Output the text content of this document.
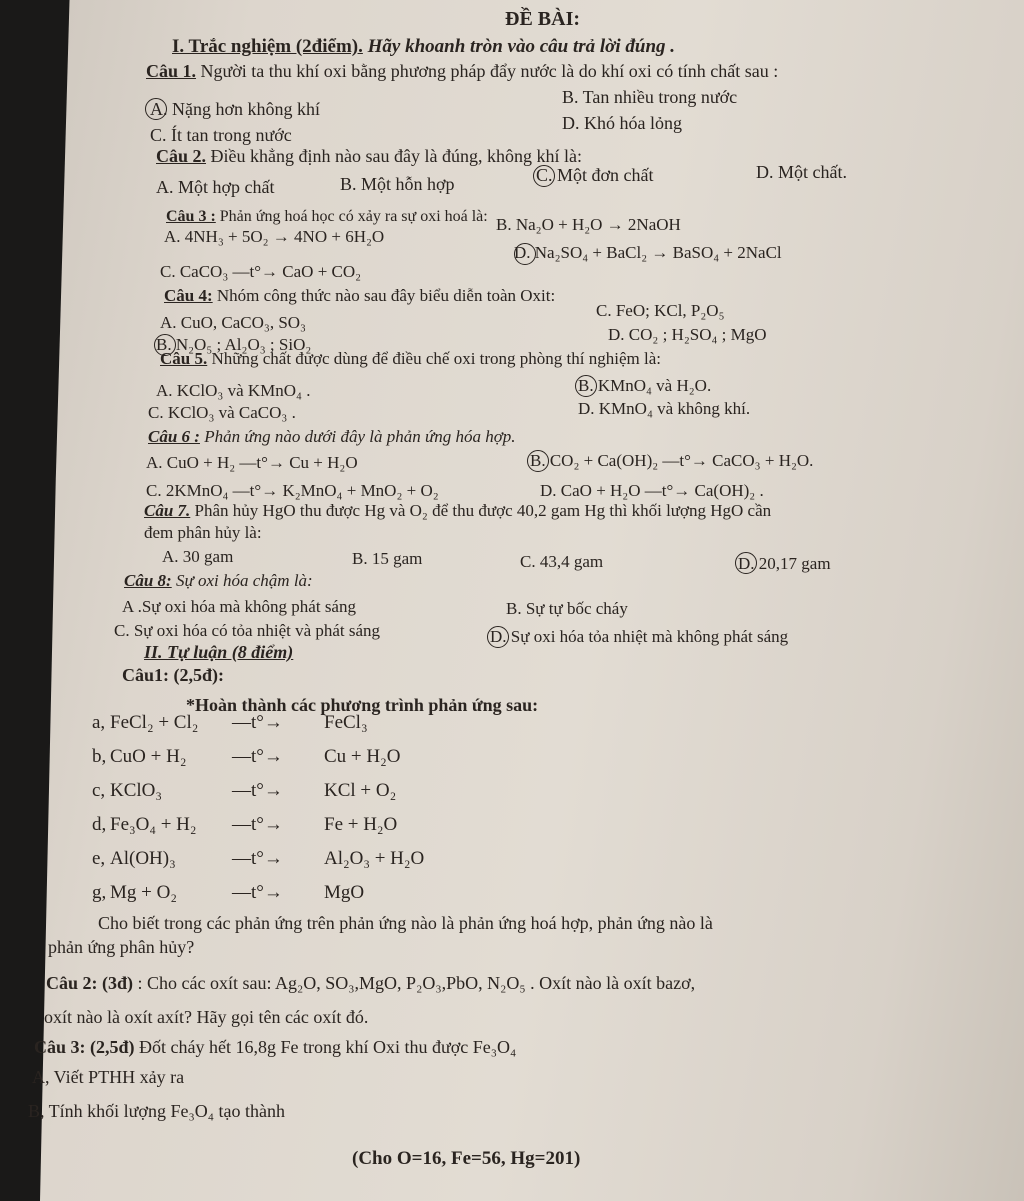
ĐỀ BÀI:
I. Trắc nghiệm (2điểm). Hãy khoanh tròn vào câu trả lời đúng .
Câu 1. Người ta thu khí oxi bằng phương pháp đẩy nước là do khí oxi có tính chất sau :
A. Nặng hơn không khí
B. Tan nhiều trong nước
C. Ít tan trong nước
D. Khó hóa lỏng
Câu 2. Điều khẳng định nào sau đây là đúng, không khí là:
A. Một hợp chất	B. Một hỗn hợp	C. Một đơn chất	D. Một chất.
Câu 3 : Phản ứng hoá học có xảy ra sự oxi hoá là:
A. 4NH₃ + 5O₂ → 4NO + 6H₂O
B. Na₂O + H₂O → 2NaOH
C. CaCO₃ —t°→ CaO + CO₂
D. Na₂SO₄ + BaCl₂ → BaSO₄ + 2NaCl
Câu 4: Nhóm công thức nào sau đây biểu diễn toàn Oxit:
A. CuO, CaCO₃, SO₃
B. N₂O₅ ; Al₂O₃ ; SiO₂
C. FeO; KCl, P₂O₅
D. CO₂ ; H₂SO₄ ; MgO
Câu 5. Những chất được dùng để điều chế oxi trong phòng thí nghiệm là:
A. KClO₃ và KMnO₄ .	B. KMnO₄ và H₂O.
C. KClO₃ và CaCO₃ .	D. KMnO₄ và không khí.
Câu 6 : Phản ứng nào dưới đây là phản ứng hóa hợp.
A. CuO + H₂ —t°→ Cu + H₂O	B. CO₂ + Ca(OH)₂ —t°→ CaCO₃ + H₂O.
C. 2KMnO₄ —t°→ K₂MnO₄ + MnO₂ + O₂	D. CaO + H₂O —t°→ Ca(OH)₂ .
Câu 7. Phân hủy HgO thu được Hg và O₂ để thu được 40,2 gam Hg thì khối lượng HgO cần
đem phân hủy là:
A. 30 gam	B. 15 gam	C. 43,4 gam	D. 20,17 gam
Câu 8: Sự oxi hóa chậm là:
A .Sự oxi hóa mà không phát sáng	B. Sự tự bốc cháy
C. Sự oxi hóa có tỏa nhiệt và phát sáng	D. Sự oxi hóa tỏa nhiệt mà không phát sáng
II. Tự luận (8 điểm)
Câu1: (2,5đ):
*Hoàn thành các phương trình phản ứng sau:
a, FeCl₂ + Cl₂ —t°→ FeCl₃
b, CuO + H₂ —t°→ Cu + H₂O
c, KClO₃	—t°→ KCl + O₂
d, Fe₃O₄ + H₂ —t°→ Fe + H₂O
e, Al(OH)₃	—t°→ Al₂O₃ + H₂O
g, Mg + O₂	—t°→ MgO
Cho biết trong các phản ứng trên phản ứng nào là phản ứng hoá hợp, phản ứng nào là
phản ứng phân hủy?
Câu 2: (3đ) : Cho các oxít sau: Ag₂O, SO₃,MgO, P₂O₃,PbO, N₂O₅ . Oxít nào là oxít bazơ,
oxít nào là oxít axít? Hãy gọi tên các oxít đó.
Câu 3: (2,5đ) Đốt cháy hết 16,8g Fe trong khí Oxi thu được Fe₃O₄
A, Viết PTHH xảy ra
B, Tính khối lượng Fe₃O₄ tạo thành
(Cho O=16, Fe=56, Hg=201)
